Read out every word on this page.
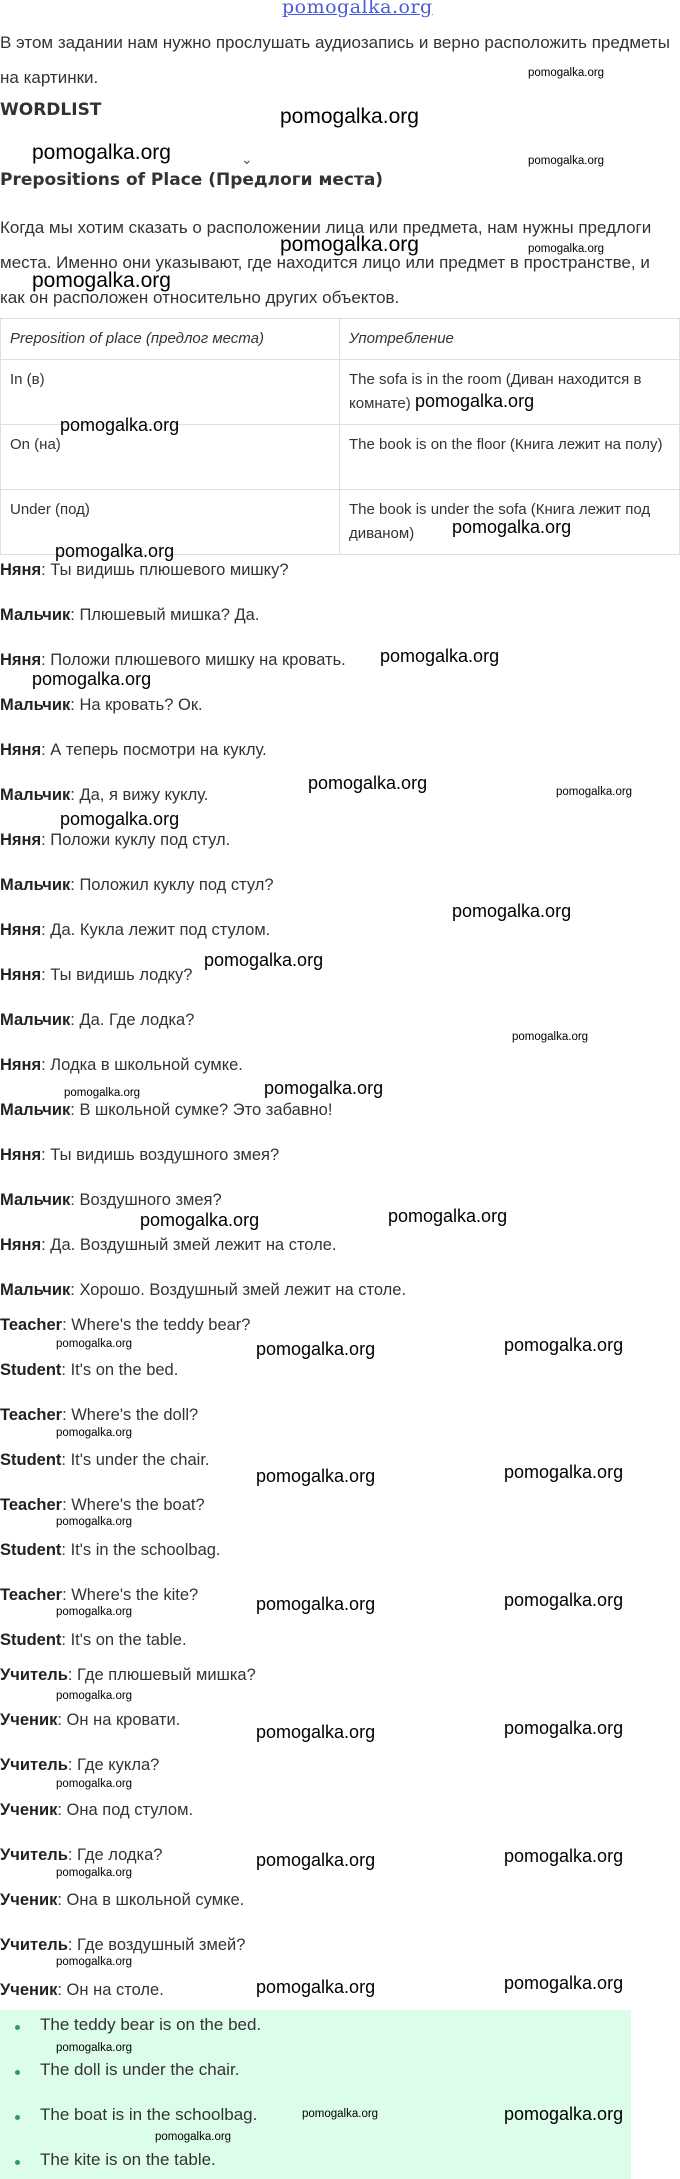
pomogalka.org
В этом задании нам нужно прослушать аудиозапись и верно расположить предметы на картинки.
WORDLIST
⌄
Prepositions of Place (Предлоги места)
Когда мы хотим сказать о расположении лица или предмета, нам нужны предлоги места. Именно они указывают, где находится лицо или предмет в пространстве, и как он расположен относительно других объектов.
Preposition of place (предлог места)	Употребление
In (в)	The sofa is in the room (Диван находится в комнате)
On (на)	The book is on the floor (Книга лежит на полу)
Under (под)	The book is under the sofa (Книга лежит под диваном)
Няня: Ты видишь плюшевого мишку?
Мальчик: Плюшевый мишка? Да.
Няня: Положи плюшевого мишку на кровать.
Мальчик: На кровать? Ок.
Няня: А теперь посмотри на куклу.
Мальчик: Да, я вижу куклу.
Няня: Положи куклу под стул.
Мальчик: Положил куклу под стул?
Няня: Да. Кукла лежит под стулом.
Няня: Ты видишь лодку?
Мальчик: Да. Где лодка?
Няня: Лодка в школьной сумке.
Мальчик: В школьной сумке? Это забавно!
Няня: Ты видишь воздушного змея?
Мальчик: Воздушного змея?
Няня: Да. Воздушный змей лежит на столе.
Мальчик: Хорошо. Воздушный змей лежит на столе.
Teacher: Where's the teddy bear?
Student: It's on the bed.
Teacher: Where's the doll?
Student: It's under the chair.
Teacher: Where's the boat?
Student: It's in the schoolbag.
Teacher: Where's the kite?
Student: It's on the table.
Учитель: Где плюшевый мишка?
Ученик: Он на кровати.
Учитель: Где кукла?
Ученик: Она под стулом.
Учитель: Где лодка?
Ученик: Она в школьной сумке.
Учитель: Где воздушный змей?
Ученик: Он на столе.
The teddy bear is on the bed.
The doll is under the chair.
The boat is in the schoolbag.
The kite is on the table.
pomogalka.org
pomogalka.org
pomogalka.org	pomogalka.org
pomogalka.org	pomogalka.org
pomogalka.org
pomogalka.org
pomogalka.org
pomogalka.org
pomogalka.org
pomogalka.org
pomogalka.org
pomogalka.org	pomogalka.org
pomogalka.org
pomogalka.org
pomogalka.org
pomogalka.org
pomogalka.org
pomogalka.org
pomogalka.org	pomogalka.org
pomogalka.org	pomogalka.org	pomogalka.org
pomogalka.org
pomogalka.org	pomogalka.org
pomogalka.org
pomogalka.org	pomogalka.org	pomogalka.org
pomogalka.org
pomogalka.org	pomogalka.org
pomogalka.org
pomogalka.org
pomogalka.org	pomogalka.org
pomogalka.org
pomogalka.org	pomogalka.org
pomogalka.org
pomogalka.org	pomogalka.org
pomogalka.org
